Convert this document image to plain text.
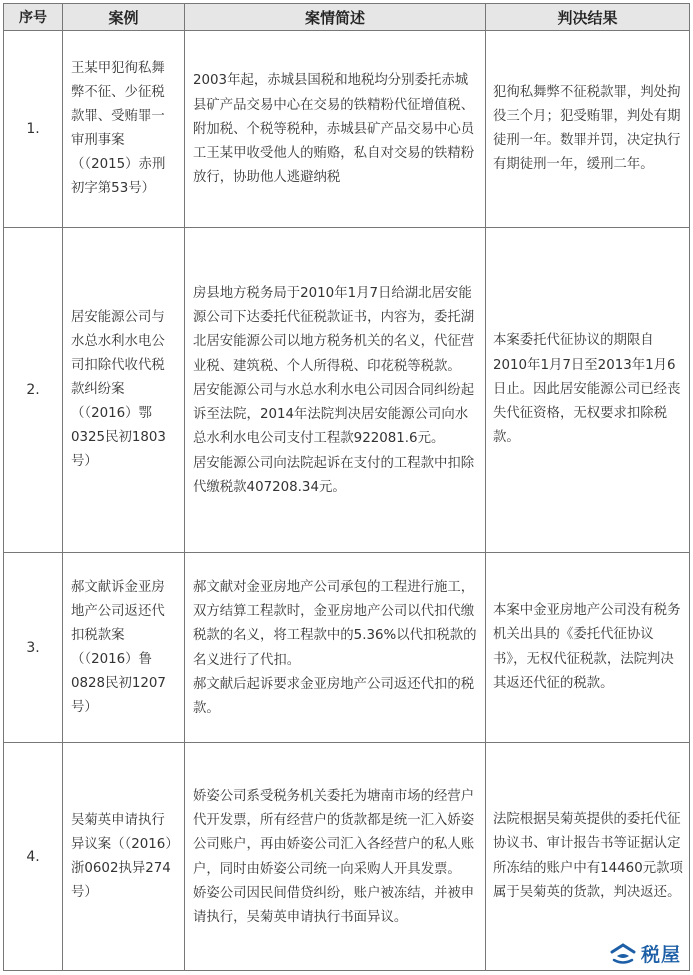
序号	案例	案情简述	判决结果
1.	王某甲犯徇私舞弊不征、少征税款罪、受贿罪一审刑事案（（2015）赤刑初字第53号）	2003年起，赤城县国税和地税均分别委托赤城县矿产品交易中心在交易的铁精粉代征增值税、附加税、个税等税种，赤城县矿产品交易中心员工王某甲收受他人的贿赂，私自对交易的铁精粉放行，协助他人逃避纳税	犯徇私舞弊不征税款罪，判处拘役三个月；犯受贿罪，判处有期徒刑一年。数罪并罚，决定执行有期徒刑一年，缓刑二年。

2.	居安能源公司与水总水利水电公司扣除代收代税款纠纷案（（2016）鄂0325民初1803号）	房县地方税务局于2010年1月7日给湖北居安能源公司下达委托代征税款证书，内容为，委托湖北居安能源公司以地方税务机关的名义，代征营业税、建筑税、个人所得税、印花税等税款。

居安能源公司与水总水利水电公司因合同纠纷起诉至法院，2014年法院判决居安能源公司向水总水利水电公司支付工程款922081.6元。

居安能源公司向法院起诉在支付的工程款中扣除代缴税款407208.34元。	本案委托代征协议的期限自2010年1月7日至2013年1月6日止。因此居安能源公司已经丧失代征资格，无权要求扣除税款。

3.	郝文献诉金亚房地产公司返还代扣税款案（（2016）鲁0828民初1207号）	郝文献对金亚房地产公司承包的工程进行施工，双方结算工程款时，金亚房地产公司以代扣代缴税款的名义，将工程款中的5.36%以代扣税款的名义进行了代扣。

郝文献后起诉要求金亚房地产公司返还代扣的税款。	本案中金亚房地产公司没有税务机关出具的《委托代征协议书》，无权代征税款，法院判决其返还代征的税款。

4.	吴菊英申请执行异议案（（2016）浙0602执异274号）	娇姿公司系受税务机关委托为塘南市场的经营户代开发票，所有经营户的货款都是统一汇入娇姿公司账户，再由娇姿公司汇入各经营户的私人账户，同时由娇姿公司统一向采购人开具发票。

娇姿公司因民间借贷纠纷，账户被冻结，并被申请执行，吴菊英申请执行书面异议。	法院根据吴菊英提供的委托代征协议书、审计报告书等证据认定所冻结的账户中有14460元款项属于吴菊英的货款，判决返还。
税屋
